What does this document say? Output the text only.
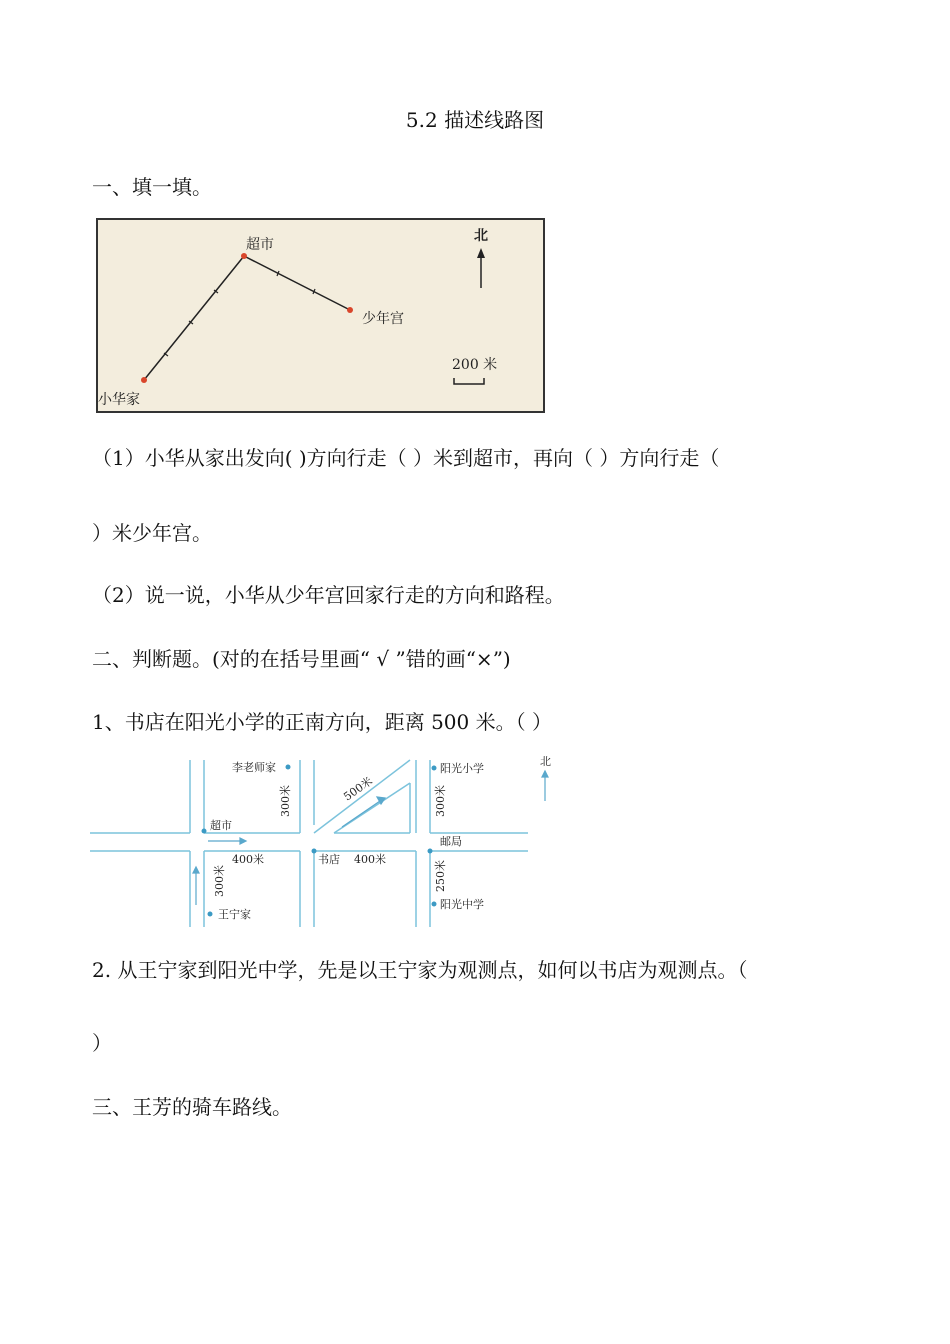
5.2 描述线路图
一、填一填。
超市
少年宫
小华家
北
200 米
（1）小华从家出发向( )方向行走（ ）米到超市，再向（ ）方向行走（
）米少年宫。
（2）说一说，小华从少年宫回家行走的方向和路程。
二、判断题。(对的在括号里画“ √ ”错的画“×”)
1、书店在阳光小学的正南方向，距离 500 米。（ ）
李老师家
超市
书店
邮局
阳光小学
阳光中学
王宁家
北
400米	400米
500米
300米	300米
300米	250米
2. 从王宁家到阳光中学，先是以王宁家为观测点，如何以书店为观测点。（
）
三、王芳的骑车路线。
